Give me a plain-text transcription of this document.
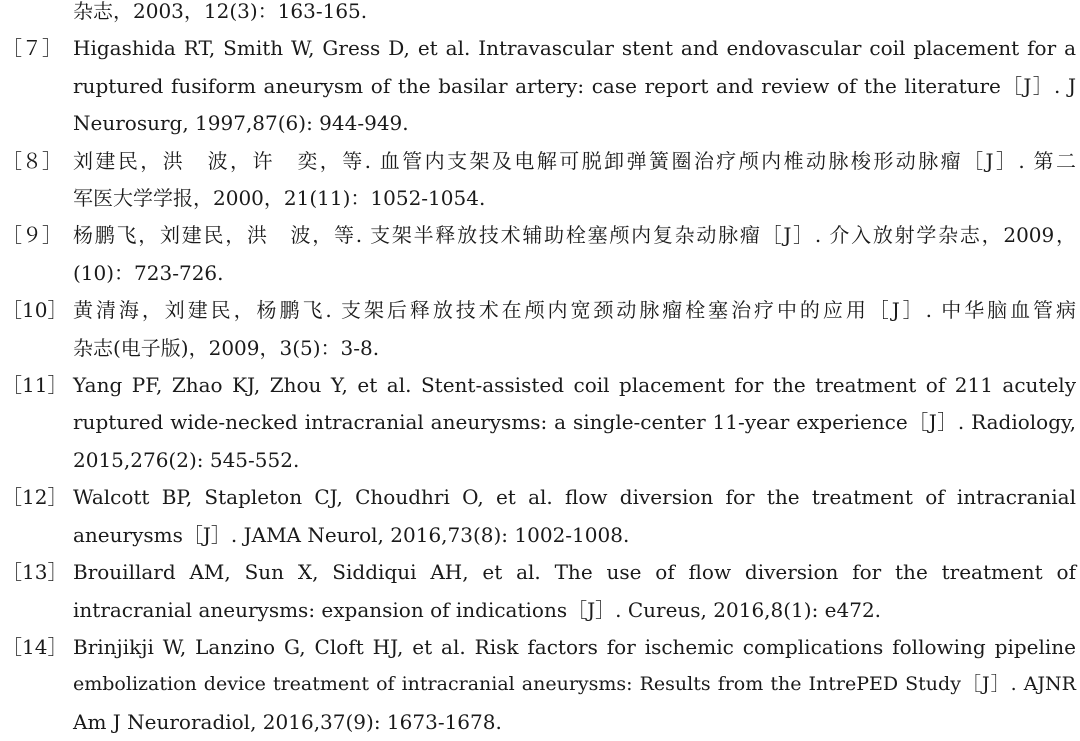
杂志，2003，12(3)：163-165.
［７］ Higashida RT, Smith W, Gress D, et al. Intravascular stent and endovascular coil placement for a
ruptured fusiform aneurysm of the basilar artery: case report and review of the literature［J］. J
Neurosurg, 1997,87(6): 944-949.
［８］ 刘建民，洪　波，许　奕，等. 血管内支架及电解可脱卸弹簧圈治疗颅内椎动脉梭形动脉瘤［J］. 第二
军医大学学报，2000，21(11)：1052-1054.
［９］ 杨鹏飞，刘建民，洪　波，等. 支架半释放技术辅助栓塞颅内复杂动脉瘤［J］. 介入放射学杂志，2009，
(10)：723-726.
［10］ 黄清海，刘建民，杨鹏飞. 支架后释放技术在颅内宽颈动脉瘤栓塞治疗中的应用［J］. 中华脑血管病
杂志(电子版)，2009，3(5)：3-8.
［11］ Yang PF, Zhao KJ, Zhou Y, et al. Stent-assisted coil placement for the treatment of 211 acutely
ruptured wide-necked intracranial aneurysms: a single-center 11-year experience［J］. Radiology,
2015,276(2): 545-552.
［12］ Walcott BP, Stapleton CJ, Choudhri O, et al. flow diversion for the treatment of intracranial
aneurysms［J］. JAMA Neurol, 2016,73(8): 1002-1008.
［13］ Brouillard AM, Sun X, Siddiqui AH, et al. The use of flow diversion for the treatment of
intracranial aneurysms: expansion of indications［J］. Cureus, 2016,8(1): e472.
［14］ Brinjikji W, Lanzino G, Cloft HJ, et al. Risk factors for ischemic complications following pipeline
embolization device treatment of intracranial aneurysms: Results from the IntrePED Study［J］. AJNR
Am J Neuroradiol, 2016,37(9): 1673-1678.
